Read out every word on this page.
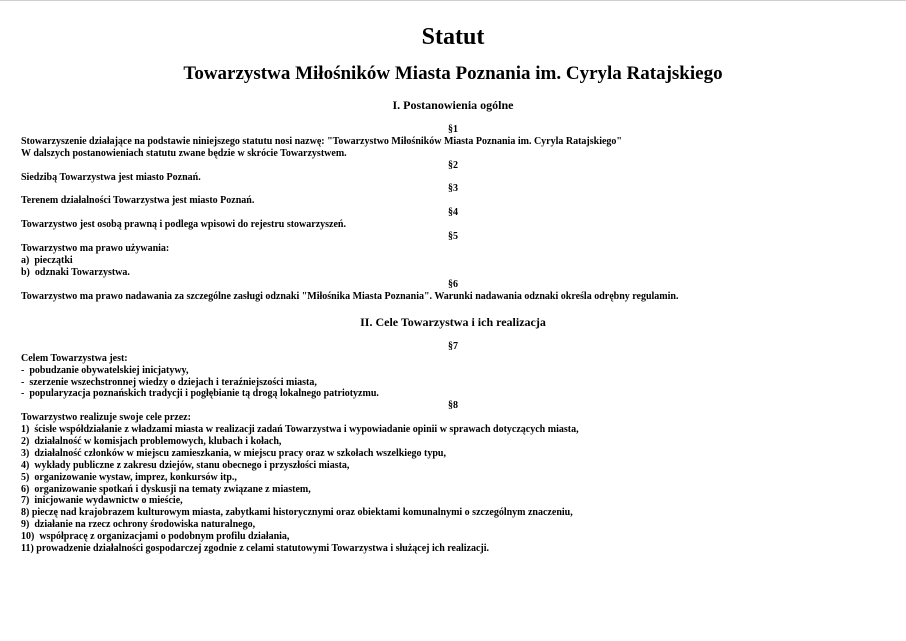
Statut
Towarzystwa Miłośników Miasta Poznania im. Cyryla Ratajskiego
I. Postanowienia ogólne
§1
Stowarzyszenie działające na podstawie niniejszego statutu nosi nazwę: "Towarzystwo Miłośników Miasta Poznania im. Cyryla Ratajskiego"
W dalszych postanowieniach statutu zwane będzie w skrócie Towarzystwem.
§2
Siedzibą Towarzystwa jest miasto Poznań.
§3
Terenem działalności Towarzystwa jest miasto Poznań.
§4
Towarzystwo jest osobą prawną i podlega wpisowi do rejestru stowarzyszeń.
§5
Towarzystwo ma prawo używania:
a)  pieczątki
b)  odznaki Towarzystwa.
§6
Towarzystwo ma prawo nadawania za szczególne zasługi odznaki "Miłośnika Miasta Poznania". Warunki nadawania odznaki określa odrębny regulamin.
II. Cele Towarzystwa i ich realizacja
§7
Celem Towarzystwa jest:
-  pobudzanie obywatelskiej inicjatywy,
-  szerzenie wszechstronnej wiedzy o dziejach i teraźniejszości miasta,
-  popularyzacja poznańskich tradycji i pogłębianie tą drogą lokalnego patriotyzmu.
§8
Towarzystwo realizuje swoje cele przez:
1)  ścisłe współdziałanie z władzami miasta w realizacji zadań Towarzystwa i wypowiadanie opinii w sprawach dotyczących miasta,
2)  działalność w komisjach problemowych, klubach i kołach,
3)  działalność członków w miejscu zamieszkania, w miejscu pracy oraz w szkołach wszelkiego typu,
4)  wykłady publiczne z zakresu dziejów, stanu obecnego i przyszłości miasta,
5)  organizowanie wystaw, imprez, konkursów itp.,
6)  organizowanie spotkań i dyskusji na tematy związane z miastem,
7)  inicjowanie wydawnictw o mieście,
8) pieczę nad krajobrazem kulturowym miasta, zabytkami historycznymi oraz obiektami komunalnymi o szczególnym znaczeniu,
9)  działanie na rzecz ochrony środowiska naturalnego,
10)  współpracę z organizacjami o podobnym profilu działania,
11) prowadzenie działalności gospodarczej zgodnie z celami statutowymi Towarzystwa i służącej ich realizacji.
